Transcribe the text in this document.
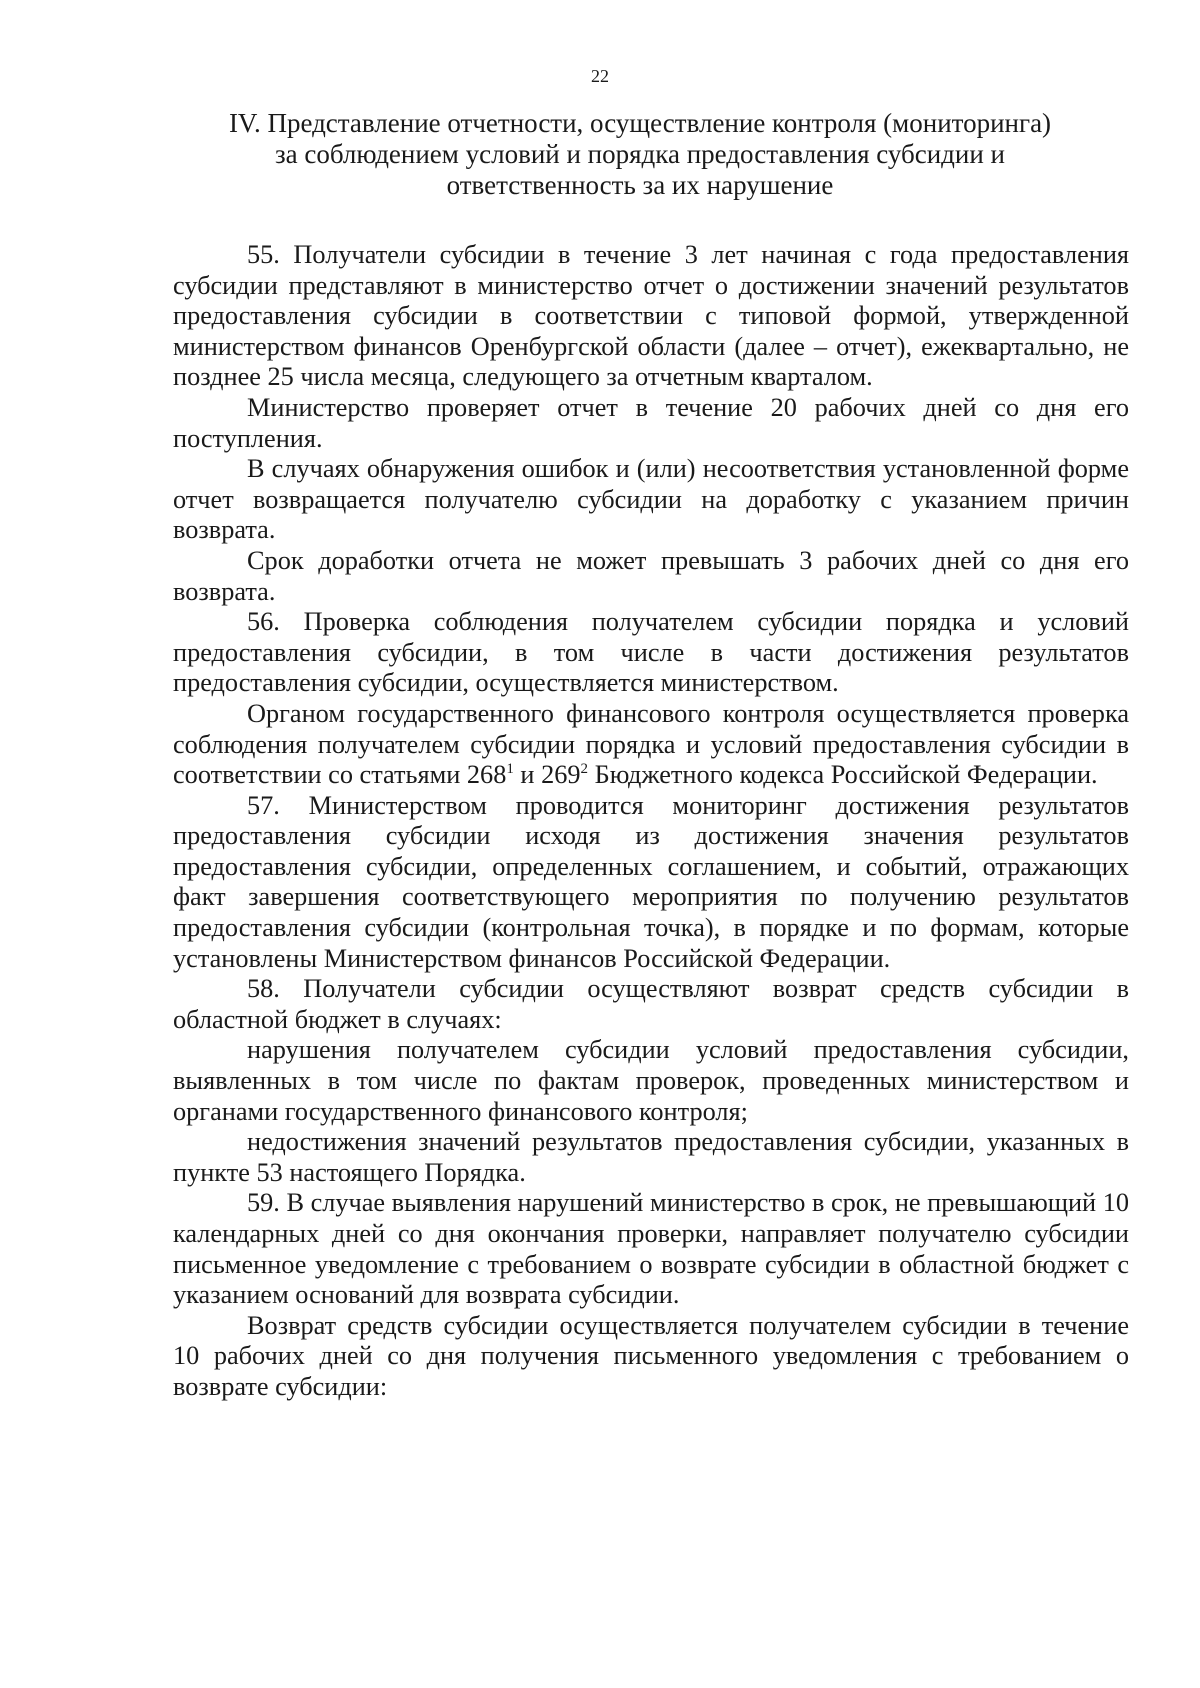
22
IV. Представление отчетности, осуществление контроля (мониторинга)
за соблюдением условий и порядка предоставления субсидии и
ответственность за их нарушение

55. Получатели субсидии в течение 3 лет начиная с года предоставления субсидии представляют в министерство отчет о достижении значений результатов предоставления субсидии в соответствии с типовой формой, утвержденной министерством финансов Оренбургской области (далее – отчет), ежеквартально, не позднее 25 числа месяца, следующего за отчетным кварталом.

Министерство проверяет отчет в течение 20 рабочих дней со дня его поступления.

В случаях обнаружения ошибок и (или) несоответствия установленной форме отчет возвращается получателю субсидии на доработку с указанием причин возврата.

Срок доработки отчета не может превышать 3 рабочих дней со дня его возврата.

56. Проверка соблюдения получателем субсидии порядка и условий предоставления субсидии, в том числе в части достижения результатов предоставления субсидии, осуществляется министерством.

Органом государственного финансового контроля осуществляется проверка соблюдения получателем субсидии порядка и условий предоставления субсидии в соответствии со статьями $268^1$ и $269^2$ Бюджетного кодекса Российской Федерации.

57. Министерством проводится мониторинг достижения результатов предоставления субсидии исходя из достижения значения результатов предоставления субсидии, определенных соглашением, и событий, отражающих факт завершения соответствующего мероприятия по получению результатов предоставления субсидии (контрольная точка), в порядке и по формам, которые установлены Министерством финансов Российской Федерации.

58. Получатели субсидии осуществляют возврат средств субсидии в областной бюджет в случаях:

нарушения получателем субсидии условий предоставления субсидии, выявленных в том числе по фактам проверок, проведенных министерством и органами государственного финансового контроля;

недостижения значений результатов предоставления субсидии, указанных в пункте 53 настоящего Порядка.

59. В случае выявления нарушений министерство в срок, не превышающий 10 календарных дней со дня окончания проверки, направляет получателю субсидии письменное уведомление с требованием о возврате субсидии в областной бюджет с указанием оснований для возврата субсидии.

Возврат средств субсидии осуществляется получателем субсидии в течение 10 рабочих дней со дня получения письменного уведомления с требованием о возврате субсидии:
